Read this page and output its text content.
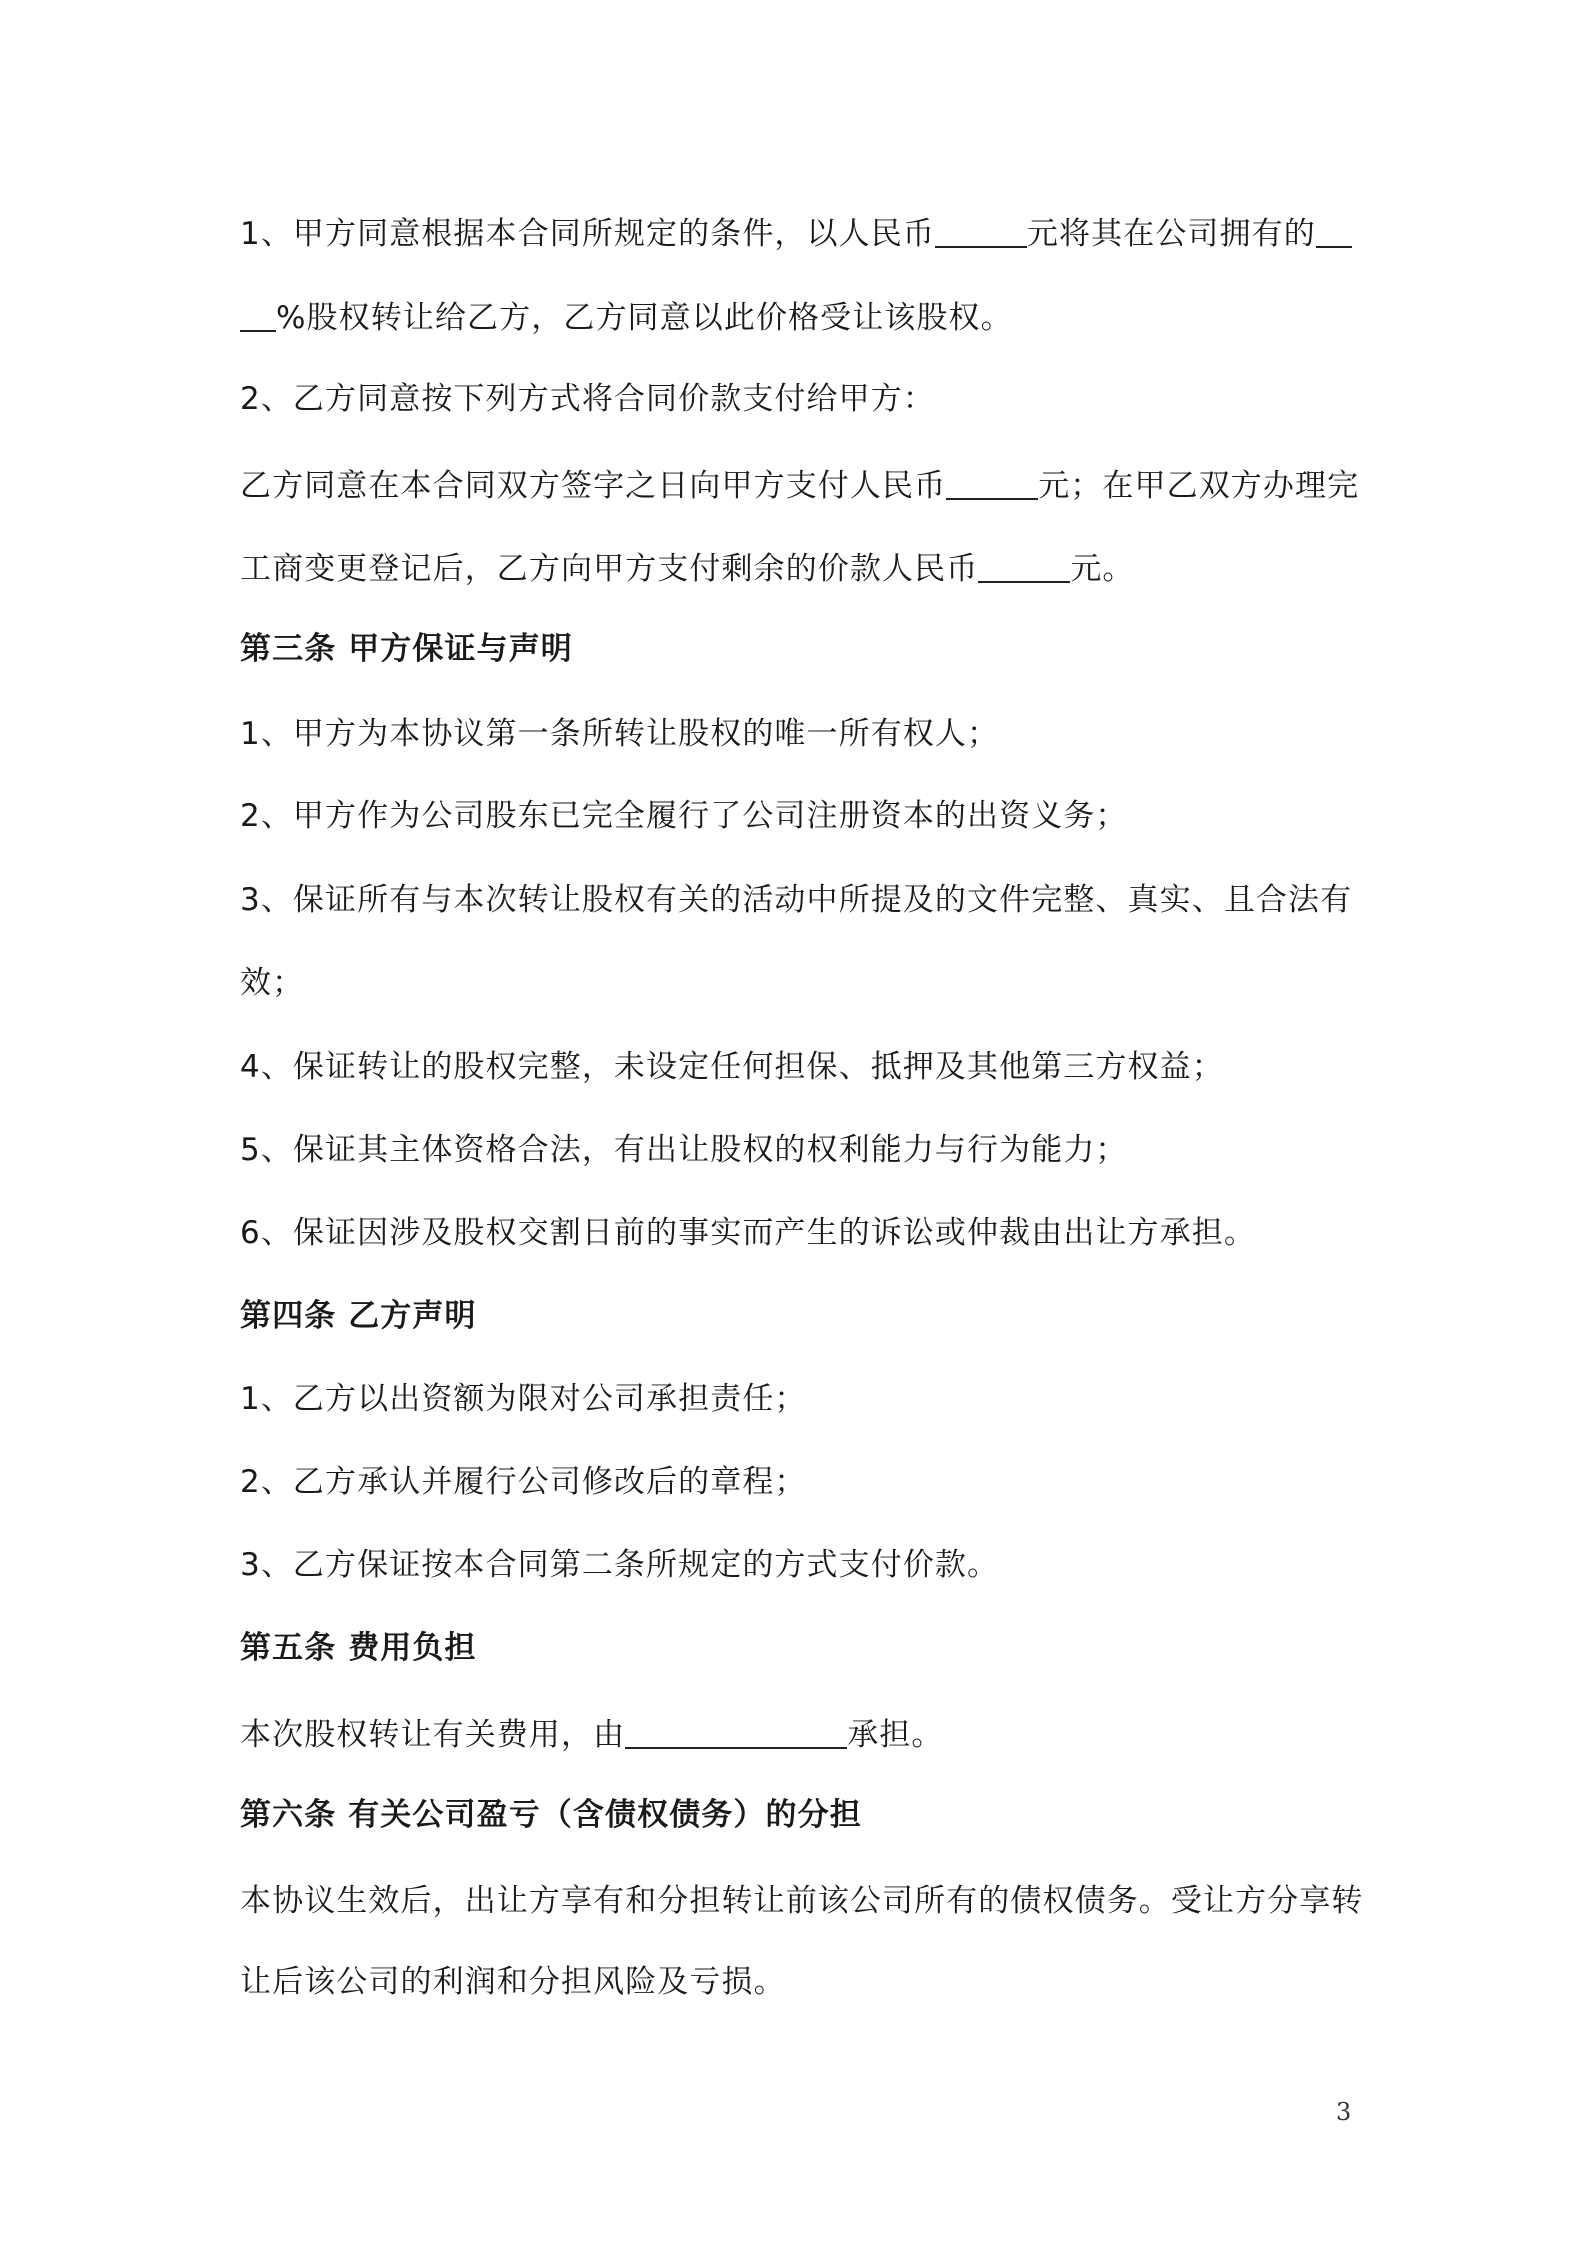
1、甲方同意根据本合同所规定的条件，以人民币	元将其在公司拥有的

%股权转让给乙方，乙方同意以此价格受让该股权。

2、乙方同意按下列方式将合同价款支付给甲方：

乙方同意在本合同双方签字之日向甲方支付人民币	元；在甲乙双方办理完

工商变更登记后，乙方向甲方支付剩余的价款人民币	元。

第三条 甲方保证与声明

1、甲方为本协议第一条所转让股权的唯一所有权人；

2、甲方作为公司股东已完全履行了公司注册资本的出资义务；

3、保证所有与本次转让股权有关的活动中所提及的文件完整、真实、且合法有

效；

4、保证转让的股权完整，未设定任何担保、抵押及其他第三方权益；

5、保证其主体资格合法，有出让股权的权利能力与行为能力；

6、保证因涉及股权交割日前的事实而产生的诉讼或仲裁由出让方承担。

第四条 乙方声明

1、乙方以出资额为限对公司承担责任；

2、乙方承认并履行公司修改后的章程；

3、乙方保证按本合同第二条所规定的方式支付价款。

第五条 费用负担

本次股权转让有关费用，由	承担。

第六条 有关公司盈亏（含债权债务）的分担

本协议生效后，出让方享有和分担转让前该公司所有的债权债务。受让方分享转

让后该公司的利润和分担风险及亏损。

3
